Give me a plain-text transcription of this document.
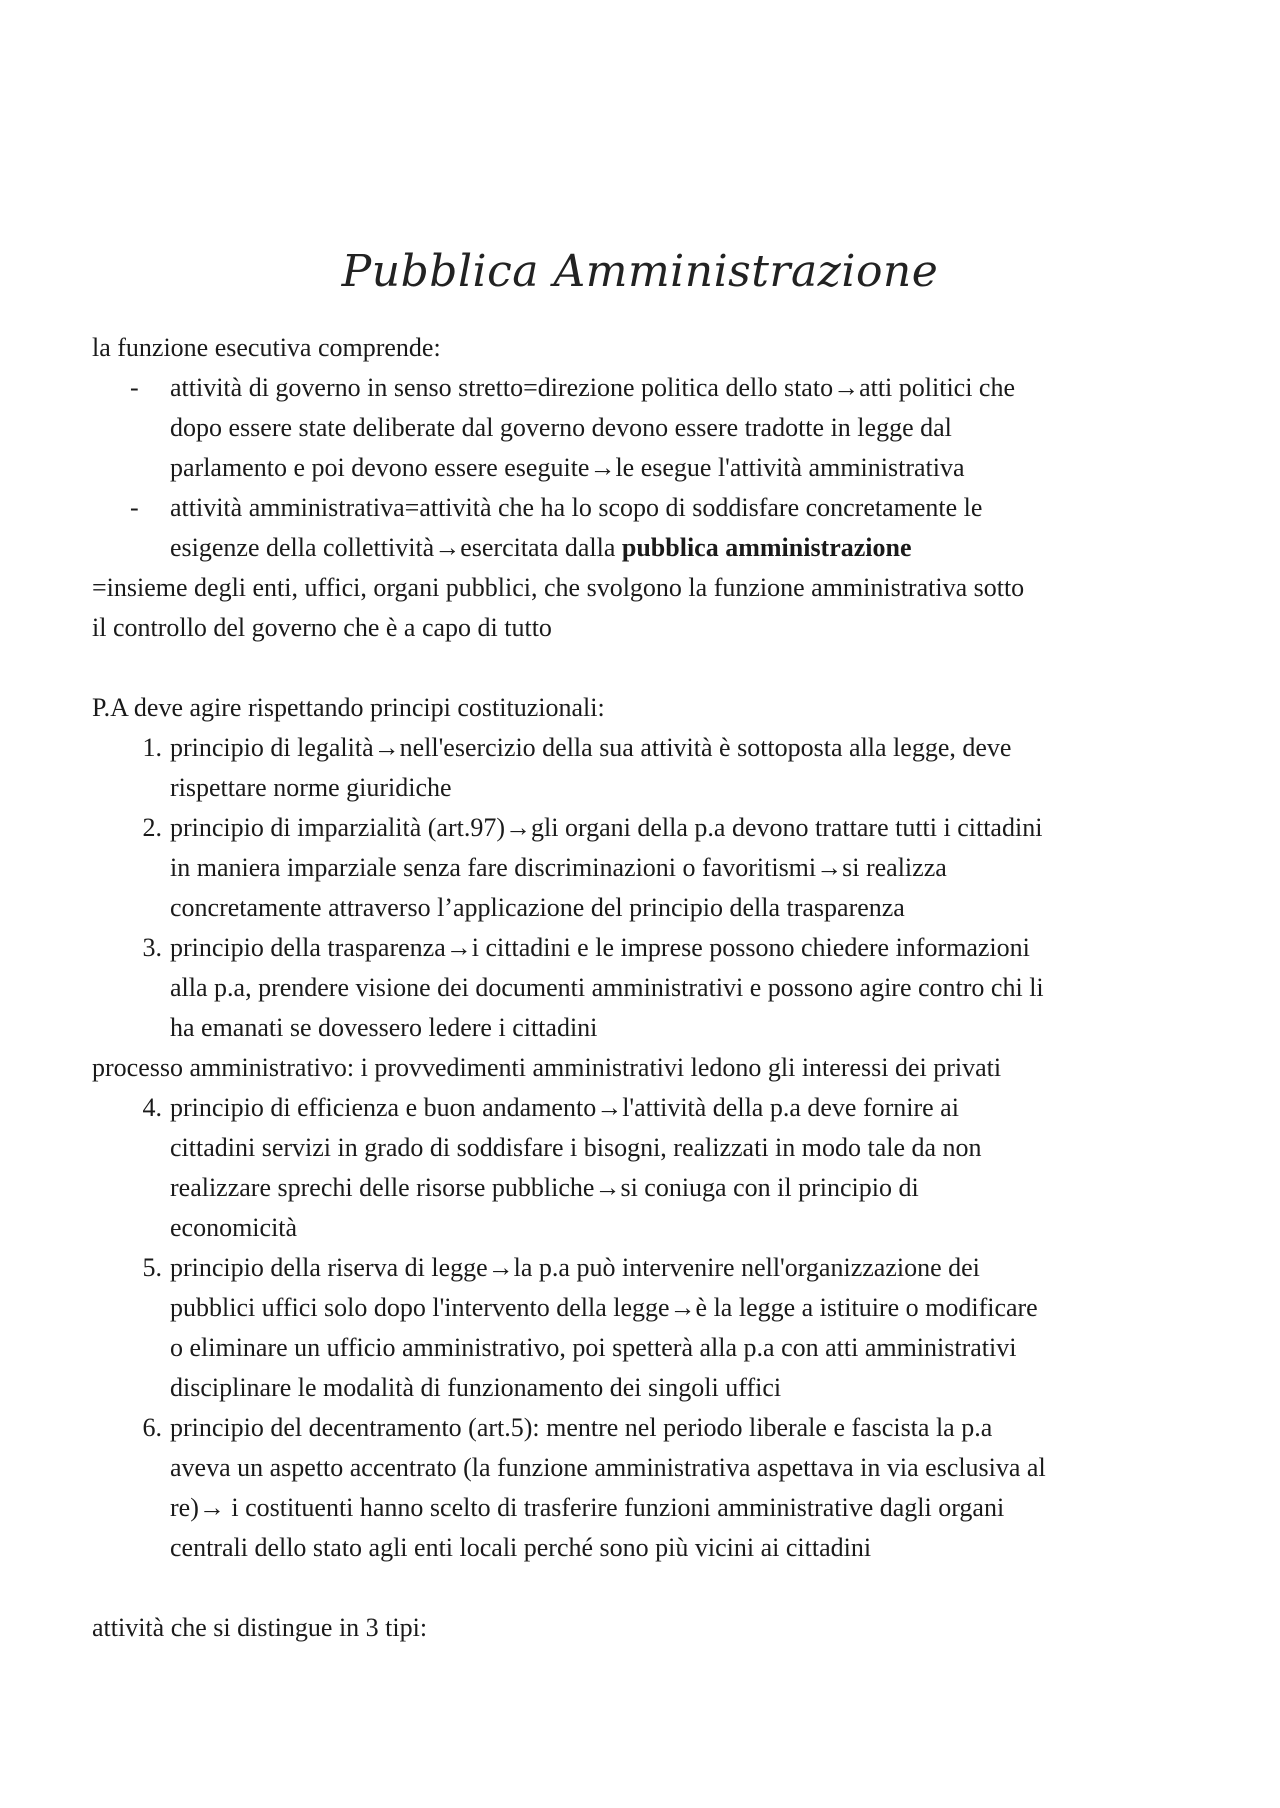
Pubblica Amministrazione

la funzione esecutiva comprende:

-	attività di governo in senso stretto=direzione politica dello stato→atti politici che
dopo essere state deliberate dal governo devono essere tradotte in legge dal
parlamento e poi devono essere eseguite→le esegue l'attività amministrativa
-	attività amministrativa=attività che ha lo scopo di soddisfare concretamente le
esigenze della collettività→esercitata dalla pubblica amministrazione

=insieme degli enti, uffici, organi pubblici, che svolgono la funzione amministrativa sotto

il controllo del governo che è a capo di tutto

P.A deve agire rispettando principi costituzionali:

1. principio di legalità→nell'esercizio della sua attività è sottoposta alla legge, deve
rispettare norme giuridiche
2. principio di imparzialità (art.97)→gli organi della p.a devono trattare tutti i cittadini
in maniera imparziale senza fare discriminazioni o favoritismi→si realizza
concretamente attraverso l’applicazione del principio della trasparenza
3. principio della trasparenza→i cittadini e le imprese possono chiedere informazioni
alla p.a, prendere visione dei documenti amministrativi e possono agire contro chi li
ha emanati se dovessero ledere i cittadini

processo amministrativo: i provvedimenti amministrativi ledono gli interessi dei privati

4. principio di efficienza e buon andamento→l'attività della p.a deve fornire ai
cittadini servizi in grado di soddisfare i bisogni, realizzati in modo tale da non
realizzare sprechi delle risorse pubbliche→si coniuga con il principio di
economicità
5. principio della riserva di legge→la p.a può intervenire nell'organizzazione dei
pubblici uffici solo dopo l'intervento della legge→è la legge a istituire o modificare
o eliminare un ufficio amministrativo, poi spetterà alla p.a con atti amministrativi
disciplinare le modalità di funzionamento dei singoli uffici
6. principio del decentramento (art.5): mentre nel periodo liberale e fascista la p.a
aveva un aspetto accentrato (la funzione amministrativa aspettava in via esclusiva al
re)→ i costituenti hanno scelto di trasferire funzioni amministrative dagli organi
centrali dello stato agli enti locali perché sono più vicini ai cittadini

attività che si distingue in 3 tipi:
